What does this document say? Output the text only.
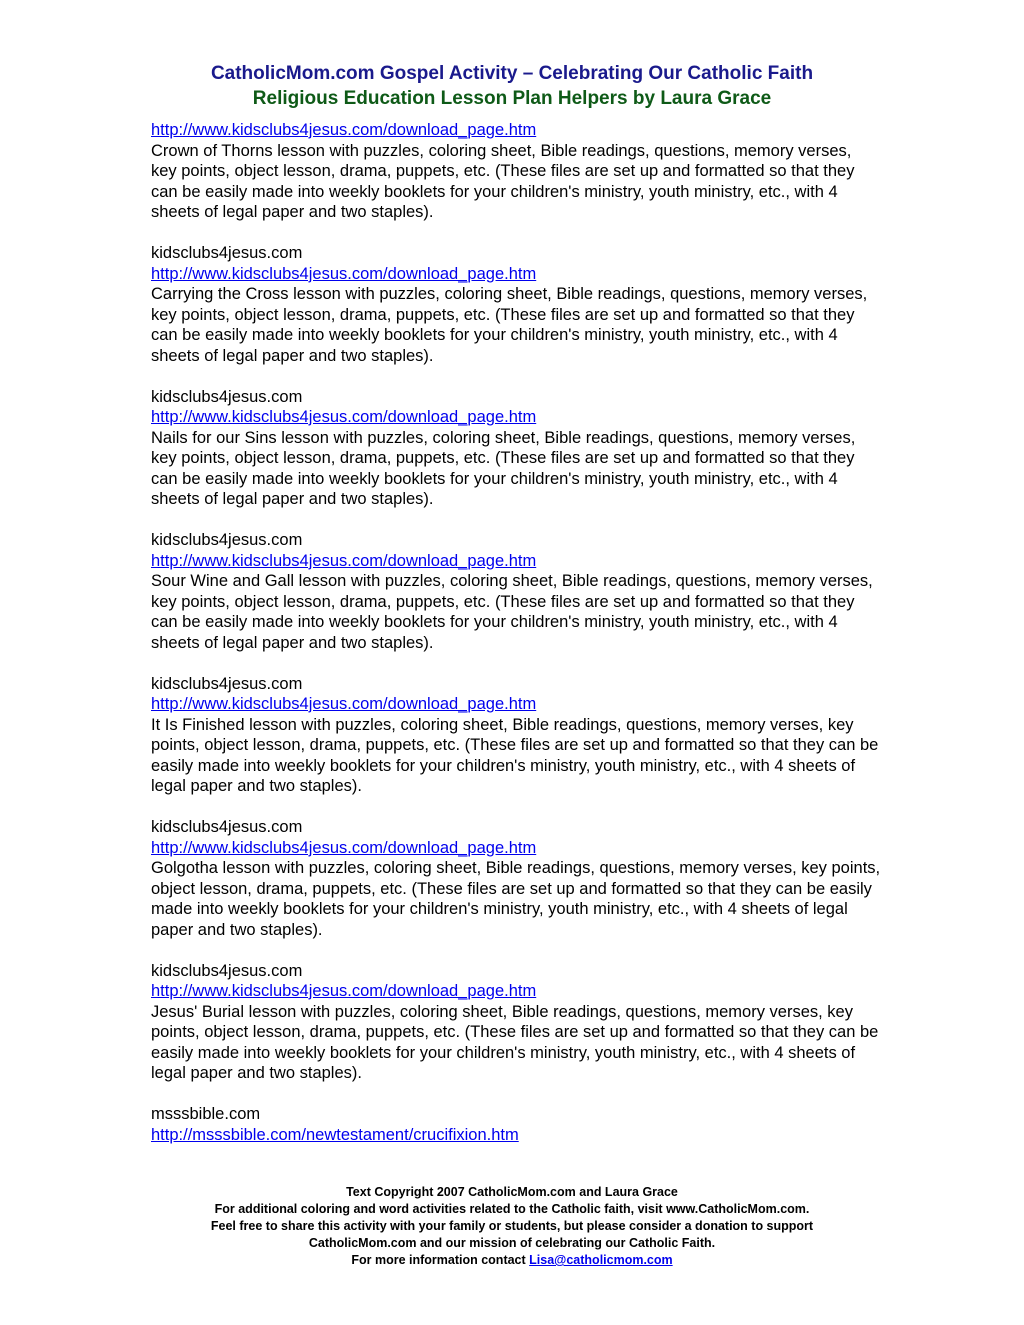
CatholicMom.com Gospel Activity – Celebrating Our Catholic Faith
Religious Education Lesson Plan Helpers by Laura Grace
http://www.kidsclubs4jesus.com/download_page.htm
Crown of Thorns lesson with puzzles, coloring sheet, Bible readings, questions, memory verses, key points, object lesson, drama, puppets, etc. (These files are set up and formatted so that they can be easily made into weekly booklets for your children's ministry, youth ministry, etc., with 4 sheets of legal paper and two staples).
kidsclubs4jesus.com
http://www.kidsclubs4jesus.com/download_page.htm
Carrying the Cross lesson with puzzles, coloring sheet, Bible readings, questions, memory verses, key points, object lesson, drama, puppets, etc. (These files are set up and formatted so that they can be easily made into weekly booklets for your children's ministry, youth ministry, etc., with 4 sheets of legal paper and two staples).
kidsclubs4jesus.com
http://www.kidsclubs4jesus.com/download_page.htm
Nails for our Sins lesson with puzzles, coloring sheet, Bible readings, questions, memory verses, key points, object lesson, drama, puppets, etc. (These files are set up and formatted so that they can be easily made into weekly booklets for your children's ministry, youth ministry, etc., with 4 sheets of legal paper and two staples).
kidsclubs4jesus.com
http://www.kidsclubs4jesus.com/download_page.htm
Sour Wine and Gall lesson with puzzles, coloring sheet, Bible readings, questions, memory verses, key points, object lesson, drama, puppets, etc. (These files are set up and formatted so that they can be easily made into weekly booklets for your children's ministry, youth ministry, etc., with 4 sheets of legal paper and two staples).
kidsclubs4jesus.com
http://www.kidsclubs4jesus.com/download_page.htm
It Is Finished lesson with puzzles, coloring sheet, Bible readings, questions, memory verses, key points, object lesson, drama, puppets, etc. (These files are set up and formatted so that they can be easily made into weekly booklets for your children's ministry, youth ministry, etc., with 4 sheets of legal paper and two staples).
kidsclubs4jesus.com
http://www.kidsclubs4jesus.com/download_page.htm
Golgotha lesson with puzzles, coloring sheet, Bible readings, questions, memory verses, key points, object lesson, drama, puppets, etc. (These files are set up and formatted so that they can be easily made into weekly booklets for your children's ministry, youth ministry, etc., with 4 sheets of legal paper and two staples).
kidsclubs4jesus.com
http://www.kidsclubs4jesus.com/download_page.htm
Jesus' Burial lesson with puzzles, coloring sheet, Bible readings, questions, memory verses, key points, object lesson, drama, puppets, etc. (These files are set up and formatted so that they can be easily made into weekly booklets for your children's ministry, youth ministry, etc., with 4 sheets of legal paper and two staples).
msssbible.com
http://msssbible.com/newtestament/crucifixion.htm
Text Copyright 2007 CatholicMom.com and Laura Grace
For additional coloring and word activities related to the Catholic faith, visit www.CatholicMom.com.
Feel free to share this activity with your family or students, but please consider a donation to support
CatholicMom.com and our mission of celebrating our Catholic Faith.
For more information contact Lisa@catholicmom.com
